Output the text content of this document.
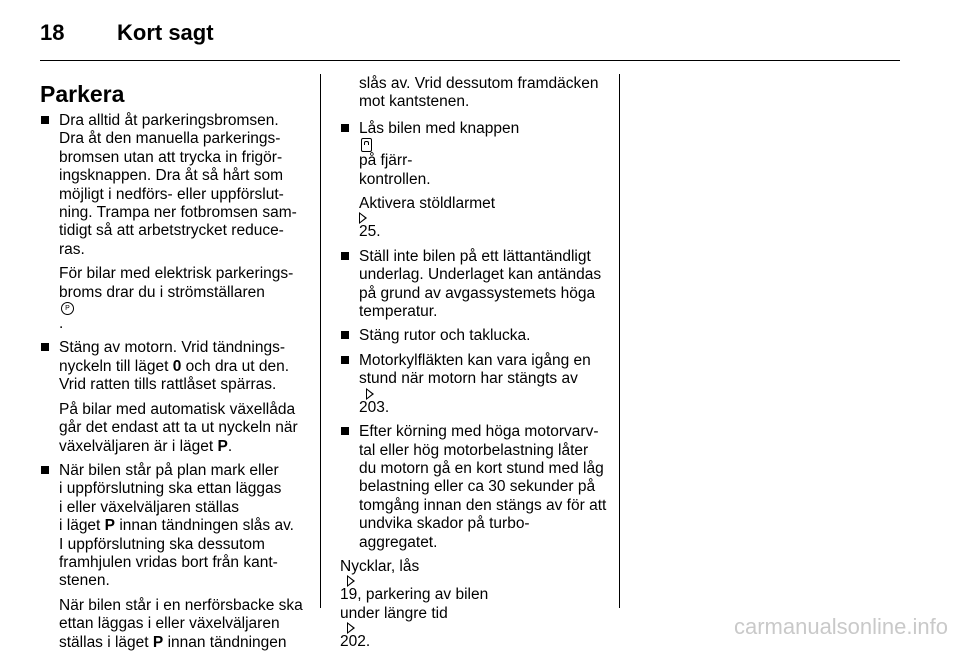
18 Kort sagt
Parkera
Dra alltid åt parkeringsbromsen.
Dra åt den manuella parkerings-
bromsen utan att trycka in frigör-
ingsknappen. Dra åt så hårt som
möjligt i nedförs- eller uppförslut-
ning. Trampa ner fotbromsen sam-
tidigt så att arbetstrycket reduce-
ras.
För bilar med elektrisk parkerings-
broms drar du i strömställaren
P
.
Stäng av motorn. Vrid tändnings-
nyckeln till läget 0 och dra ut den.
Vrid ratten tills rattlåset spärras.
På bilar med automatisk växellåda
går det endast att ta ut nyckeln när
växelväljaren är i läget P.
När bilen står på plan mark eller
i uppförslutning ska ettan läggas
i eller växelväljaren ställas
i läget P innan tändningen slås av.
I uppförslutning ska dessutom
framhjulen vridas bort från kant-
stenen.
När bilen står i en nerförsbacke ska
ettan läggas i eller växelväljaren
ställas i läget P innan tändningen
slås av. Vrid dessutom framdäcken
mot kantstenen.
Lås bilen med knappen
på fjärr-
kontrollen.
Aktivera stöldlarmet
25.
Ställ inte bilen på ett lättantändligt
underlag. Underlaget kan antändas
på grund av avgassystemets höga
temperatur.
Stäng rutor och taklucka.
Motorkylfläkten kan vara igång en
stund när motorn har stängts av
203.
Efter körning med höga motorvarv-
tal eller hög motorbelastning låter
du motorn gå en kort stund med låg
belastning eller ca 30 sekunder på
tomgång innan den stängs av för att
undvika skador på turbo-
aggregatet.
Nycklar, lås
19, parkering av bilen
under längre tid
202.
carmanualsonline.info
